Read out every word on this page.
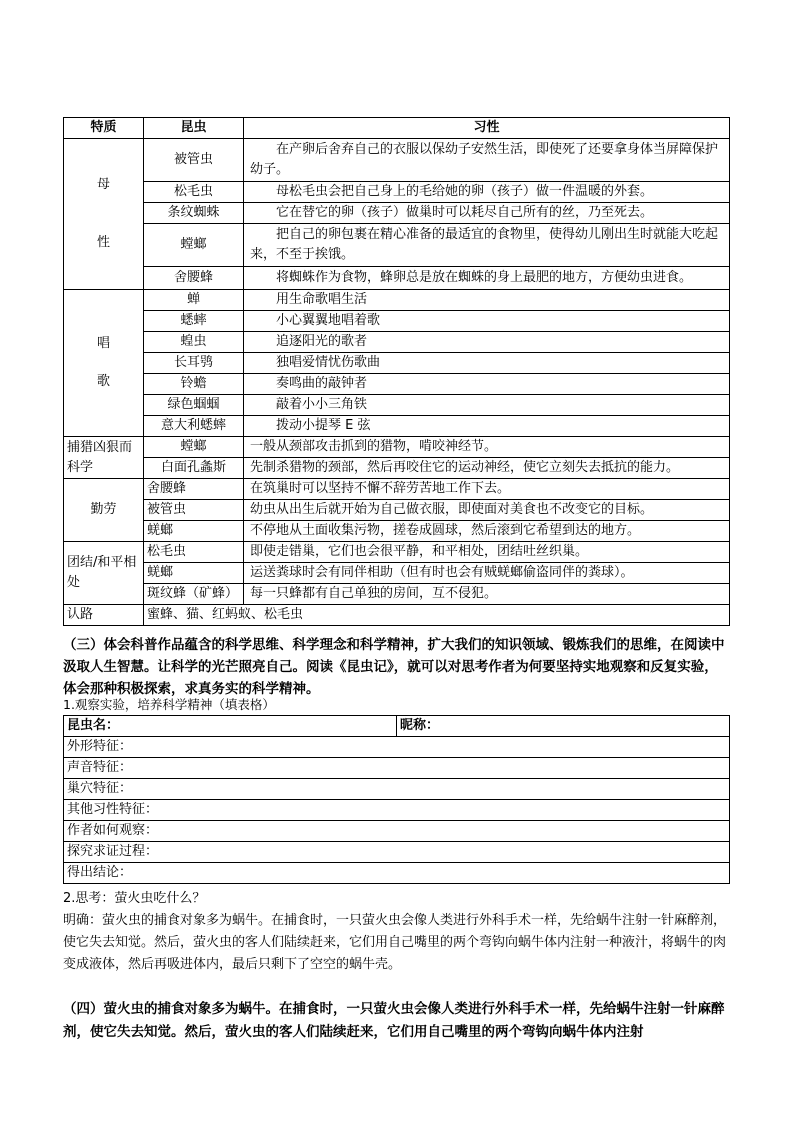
特质	昆虫	习性

母
性	被管虫	在产卵后舍弃自己的衣服以保幼子安然生活，即使死了还要拿身体当屏障保护幼子。
	松毛虫	母松毛虫会把自己身上的毛给她的卵（孩子）做一件温暖的外套。
	条纹蜘蛛	它在替它的卵（孩子）做巢时可以耗尽自己所有的丝，乃至死去。
	螳螂	把自己的卵包裹在精心准备的最适宜的食物里，使得幼儿刚出生时就能大吃起来，不至于挨饿。
	舍腰蜂	将蜘蛛作为食物，蜂卵总是放在蜘蛛的身上最肥的地方，方便幼虫进食。

唱
歌	蝉	用生命歌唱生活
	蟋蟀	小心翼翼地唱着歌
	蝗虫	追逐阳光的歌者
	长耳鸮	独唱爱情忧伤歌曲
	铃蟾	奏鸣曲的敲钟者
	绿色蝈蝈	敲着小小三角铁
	意大利蟋蟀	拨动小提琴 E 弦
捕猎凶狠而科学	螳螂	一般从颈部攻击抓到的猎物，啃咬神经节。
	白面孔螽斯	先制杀猎物的颈部，然后再咬住它的运动神经，使它立刻失去抵抗的能力。
勤劳	舍腰蜂	在筑巢时可以坚持不懈不辞劳苦地工作下去。
	被管虫	幼虫从出生后就开始为自己做衣服，即使面对美食也不改变它的目标。
	蜣螂	不停地从土面收集污物，搓卷成圆球，然后滚到它希望到达的地方。
团结/和平相处	松毛虫	即使走错巢，它们也会很平静，和平相处，团结吐丝织巢。
	蜣螂	运送粪球时会有同伴相助（但有时也会有贼蜣螂偷盗同伴的粪球）。
	斑纹蜂（矿蜂）	每一只蜂都有自己单独的房间，互不侵犯。
认路	蜜蜂、猫、红蚂蚁、松毛虫	

（三）体会科普作品蕴含的科学思维、科学理念和科学精神，扩大我们的知识领域、锻炼我们的思维，在阅读中汲取人生智慧。让科学的光芒照亮自己。阅读《昆虫记》，就可以对思考作者为何要坚持实地观察和反复实验，体会那种积极探索，求真务实的科学精神。

1.观察实验，培养科学精神（填表格）
昆虫名：	昵称：
外形特征：
声音特征：
巢穴特征：
其他习性特征：
作者如何观察：
探究求证过程：
得出结论：

2.思考：萤火虫吃什么？

明确：萤火虫的捕食对象多为蜗牛。在捕食时，一只萤火虫会像人类进行外科手术一样，先给蜗牛注射一针麻醉剂，使它失去知觉。然后，萤火虫的客人们陆续赶来，它们用自己嘴里的两个弯钩向蜗牛体内注射一种液汁，将蜗牛的肉变成液体，然后再吸进体内，最后只剩下了空空的蜗牛壳。

（四）萤火虫的捕食对象多为蜗牛。在捕食时，一只萤火虫会像人类进行外科手术一样，先给蜗牛注射一针麻醉剂，使它失去知觉。然后，萤火虫的客人们陆续赶来，它们用自己嘴里的两个弯钩向蜗牛体内注射
